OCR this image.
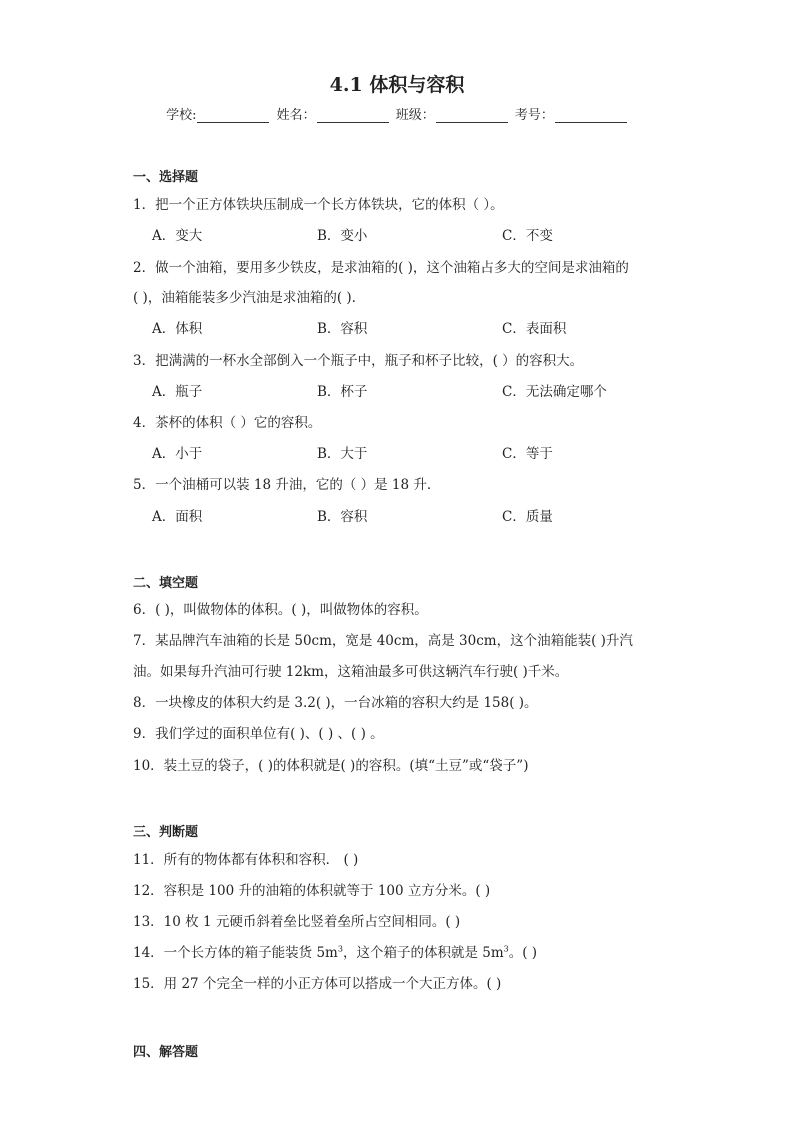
4.1 体积与容积
学校:	姓名：	班级：	考号：
一、选择题
1．把一个正方体铁块压制成一个长方体铁块，它的体积（ ）。
A．变大	B．变小	C．不变
2．做一个油箱，要用多少铁皮，是求油箱的( )，这个油箱占多大的空间是求油箱的
( )，油箱能装多少汽油是求油箱的( ).
A．体积	B．容积	C．表面积
3．把满满的一杯水全部倒入一个瓶子中，瓶子和杯子比较，( ）的容积大。
A．瓶子	B．杯子	C．无法确定哪个
4．茶杯的体积（ ）它的容积。
A．小于	B．大于	C．等于
5．一个油桶可以装 18 升油，它的（ ）是 18 升．
A．面积	B．容积	C．质量
二、填空题
6．( )，叫做物体的体积。( )，叫做物体的容积。
7．某品牌汽车油箱的长是 50cm，宽是 40cm，高是 30cm，这个油箱能装( )升汽
油。如果每升汽油可行驶 12km，这箱油最多可供这辆汽车行驶( )千米。
8．一块橡皮的体积大约是 3.2( )，一台冰箱的容积大约是 158( )。
9．我们学过的面积单位有( )、( ) 、( ) 。
10．装土豆的袋子，( )的体积就是( )的容积。(填“土豆”或“袋子”)
三、判断题
11．所有的物体都有体积和容积． ( )
12．容积是 100 升的油箱的体积就等于 100 立方分米。( )
13．10 枚 1 元硬币斜着垒比竖着垒所占空间相同。( )
14．一个长方体的箱子能装货 $5m^3$，这个箱子的体积就是 $5m^3$。( )
15．用 27 个完全一样的小正方体可以搭成一个大正方体。( )
四、解答题
